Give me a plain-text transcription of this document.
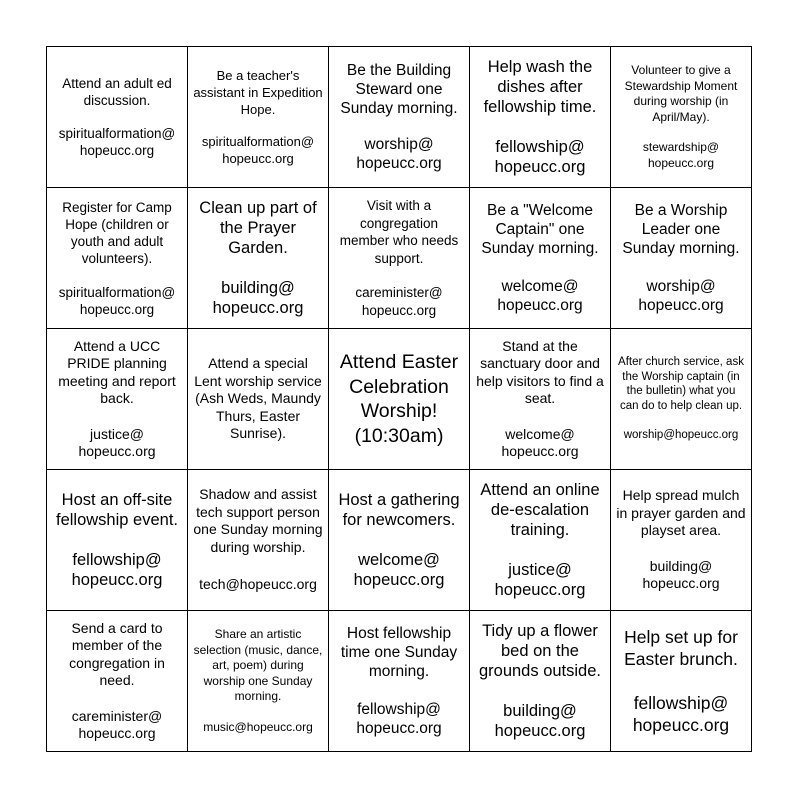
Attend an adult ed discussion.
spiritualformation@ hopeucc.org
Be a teacher's assistant in Expedition Hope.
spiritualformation@ hopeucc.org
Be the Building Steward one Sunday morning.
worship@ hopeucc.org
Help wash the dishes after fellowship time.
fellowship@ hopeucc.org
Volunteer to give a Stewardship Moment during worship (in April/May).
stewardship@ hopeucc.org
Register for Camp Hope (children or youth and adult volunteers).
spiritualformation@ hopeucc.org
Clean up part of the Prayer Garden.
building@ hopeucc.org
Visit with a congregation member who needs support.
careminister@ hopeucc.org
Be a "Welcome Captain" one Sunday morning.
welcome@ hopeucc.org
Be a Worship Leader one Sunday morning.
worship@ hopeucc.org
Attend a UCC PRIDE planning meeting and report back.
justice@ hopeucc.org
Attend a special Lent worship service (Ash Weds, Maundy Thurs, Easter Sunrise).
Attend Easter Celebration Worship! (10:30am)
Stand at the sanctuary door and help visitors to find a seat.
welcome@ hopeucc.org
After church service, ask the Worship captain (in the bulletin) what you can do to help clean up.
worship@hopeucc.org
Host an off-site fellowship event.
fellowship@ hopeucc.org
Shadow and assist tech support person one Sunday morning during worship.
tech@hopeucc.org
Host a gathering for newcomers.
welcome@ hopeucc.org
Attend an online de-escalation training.
justice@ hopeucc.org
Help spread mulch in prayer garden and playset area.
building@ hopeucc.org
Send a card to member of the congregation in need.
careminister@ hopeucc.org
Share an artistic selection (music, dance, art, poem) during worship one Sunday morning.
music@hopeucc.org
Host fellowship time one Sunday morning.
fellowship@ hopeucc.org
Tidy up a flower bed on the grounds outside.
building@ hopeucc.org
Help set up for Easter brunch.
fellowship@ hopeucc.org
